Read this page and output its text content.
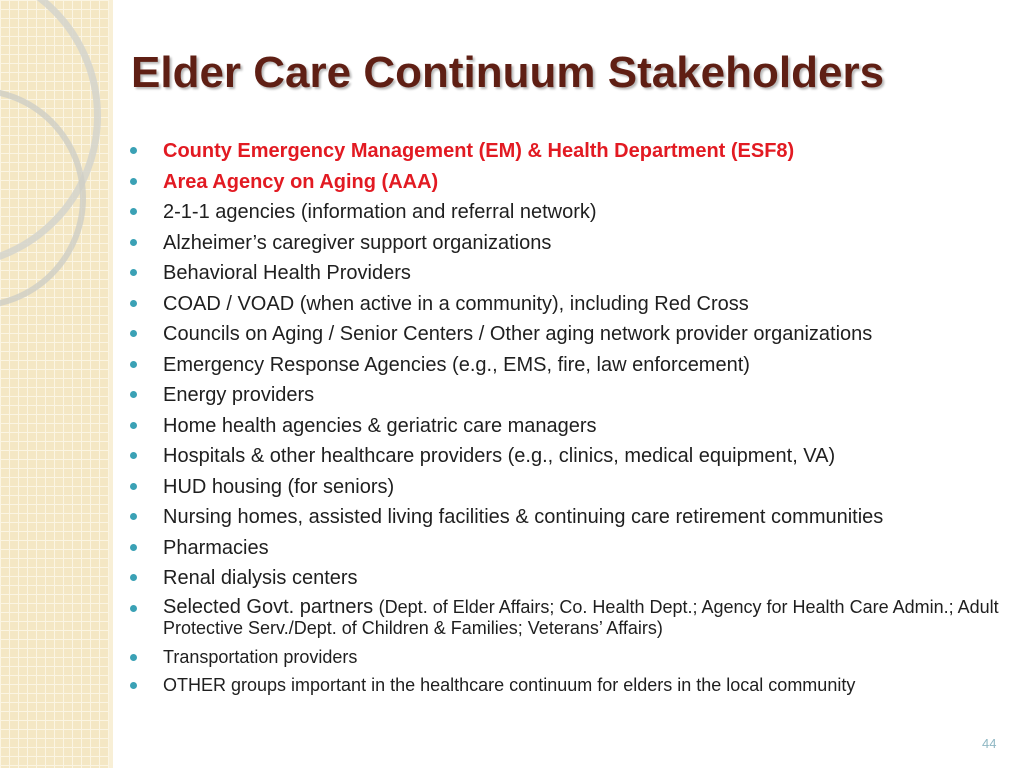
Elder Care Continuum Stakeholders
County Emergency Management (EM) & Health Department (ESF8)
Area Agency on Aging (AAA)
2-1-1 agencies (information and referral network)
Alzheimer’s caregiver support organizations
Behavioral Health Providers
COAD / VOAD (when active in a community), including Red Cross
Councils on Aging / Senior Centers / Other aging network provider organizations
Emergency Response Agencies (e.g., EMS, fire, law enforcement)
Energy providers
Home health agencies & geriatric care managers
Hospitals & other healthcare providers (e.g., clinics, medical equipment, VA)
HUD housing (for seniors)
Nursing homes, assisted living facilities & continuing care retirement communities
Pharmacies
Renal dialysis centers
Selected Govt. partners (Dept. of Elder Affairs; Co. Health Dept.; Agency for Health Care Admin.; Adult Protective Serv./Dept. of Children & Families; Veterans’ Affairs)
Transportation providers
OTHER groups important in the healthcare continuum for elders in the local community
44
